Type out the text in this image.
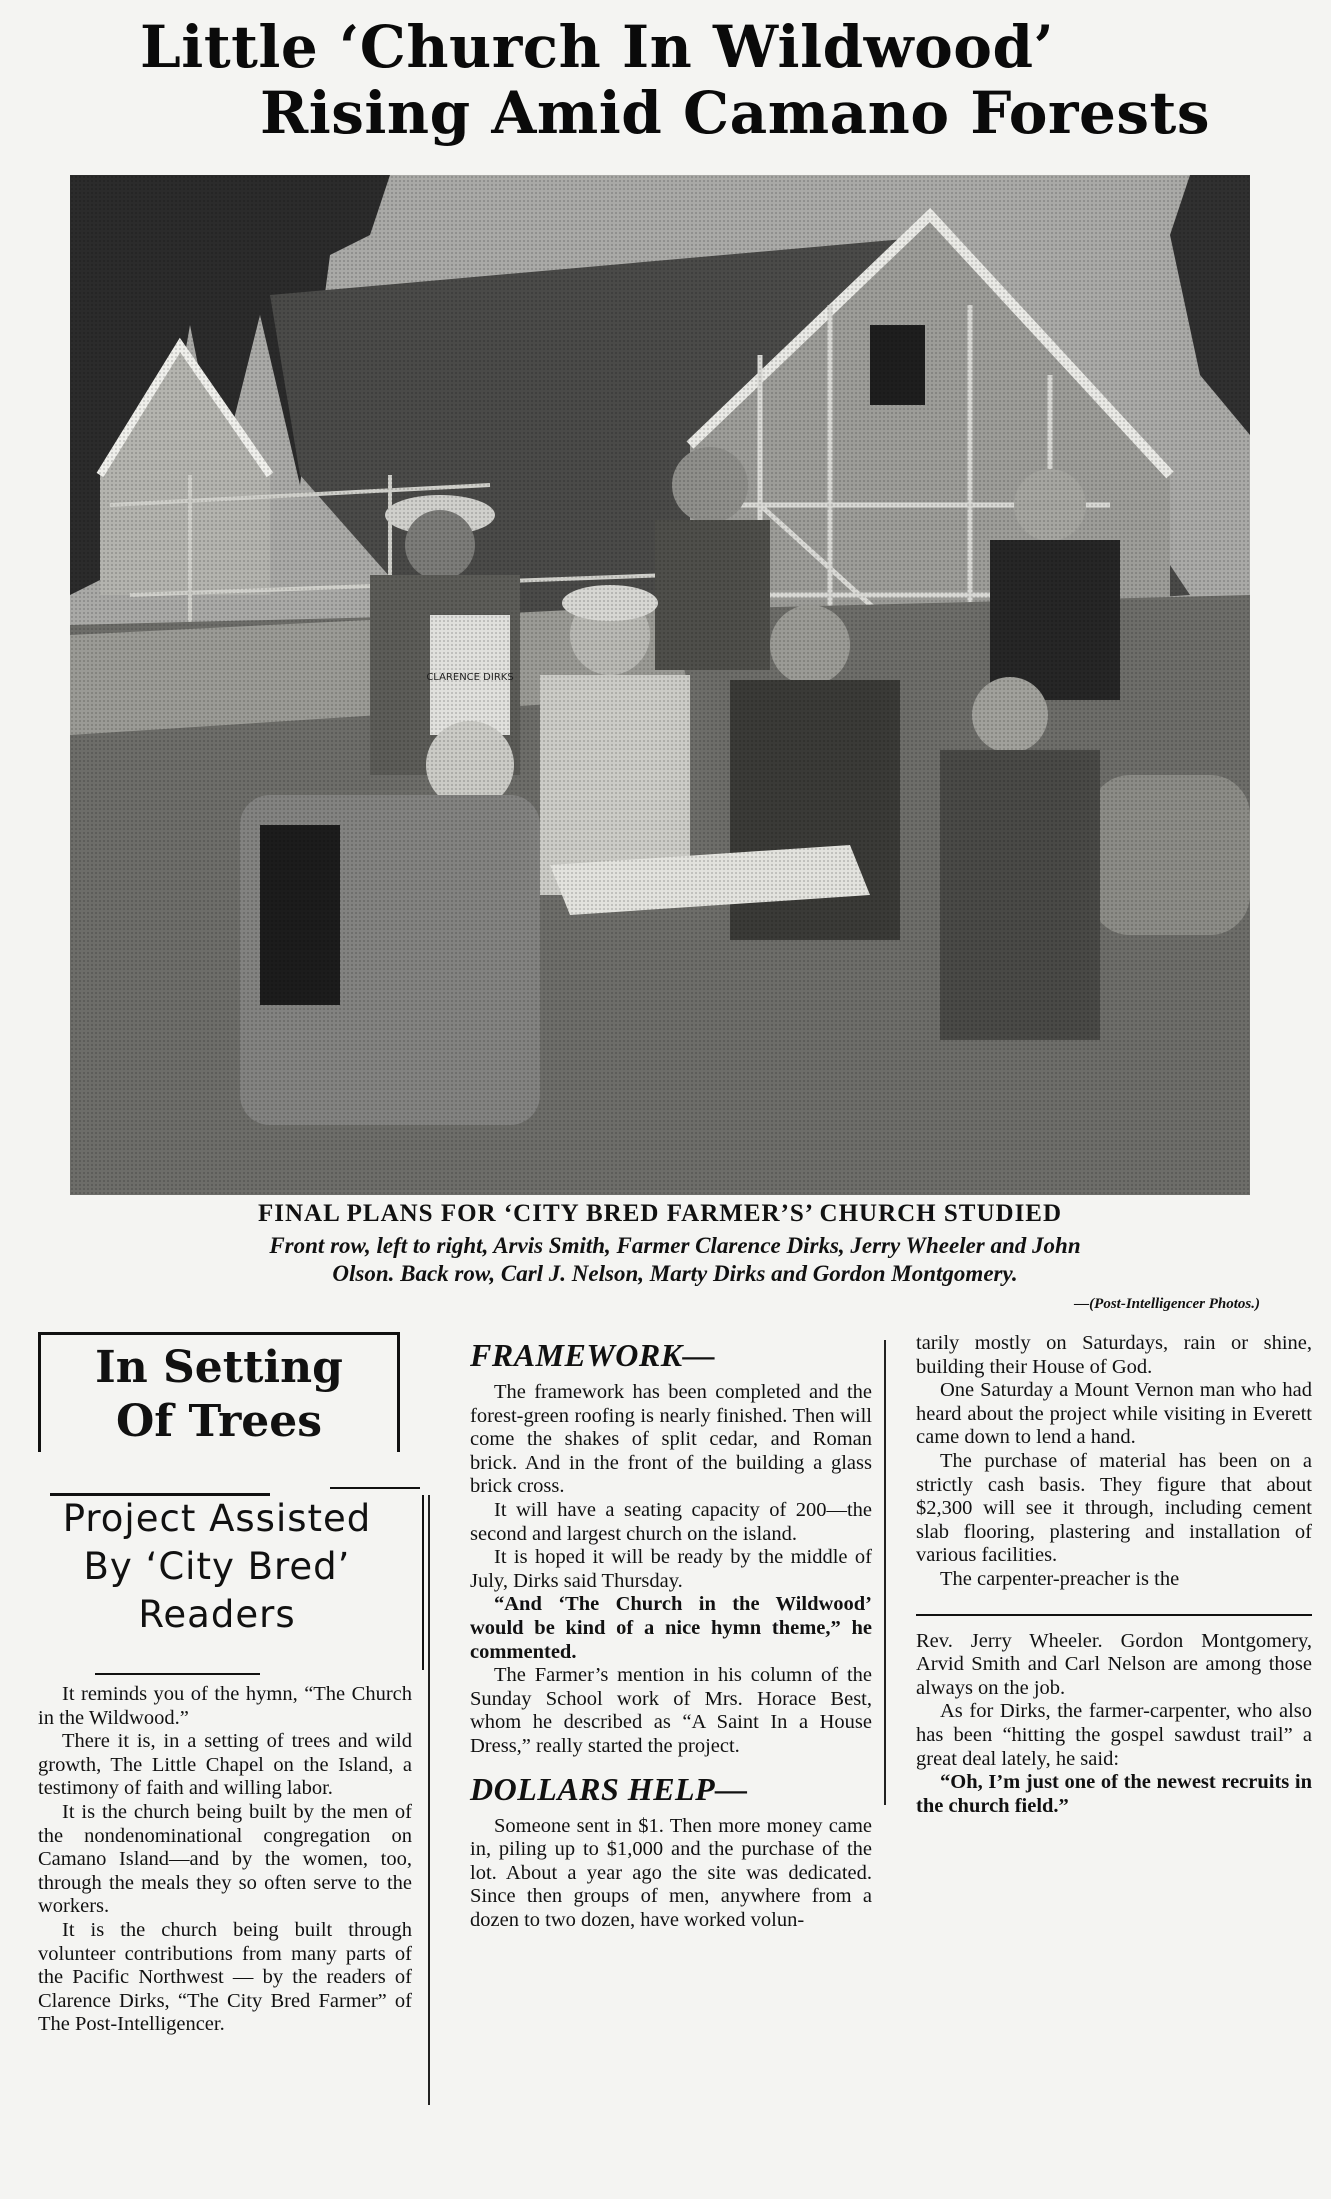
Little ‘Church In Wildwood’
Rising Amid Camano Forests
FINAL PLANS FOR ‘CITY BRED FARMER’S’ CHURCH STUDIED
Front row, left to right, Arvis Smith, Farmer Clarence Dirks, Jerry Wheeler and John
Olson. Back row, Carl J. Nelson, Marty Dirks and Gordon Montgomery.
—(Post-Intelligencer Photos.)
In Setting
Of Trees
Project Assisted
By ‘City Bred’
Readers

It reminds you of the hymn, “The Church in the Wildwood.”

There it is, in a setting of trees and wild growth, The Little Chapel on the Island, a testimony of faith and willing labor.

It is the church being built by the men of the nondenominational congregation on Camano Island—and by the women, too, through the meals they so often serve to the workers.

It is the church being built through volunteer contributions from many parts of the Pacific Northwest — by the readers of Clarence Dirks, “The City Bred Farmer” of The Post-Intelligencer.

FRAMEWORK—

The framework has been completed and the forest-green roofing is nearly finished. Then will come the shakes of split cedar, and Roman brick. And in the front of the building a glass brick cross.

It will have a seating capacity of 200—the second and largest church on the island.

It is hoped it will be ready by the middle of July, Dirks said Thursday.

“And ‘The Church in the Wildwood’ would be kind of a nice hymn theme,” he commented.

The Farmer’s mention in his column of the Sunday School work of Mrs. Horace Best, whom he described as “A Saint In a House Dress,” really started the project.

DOLLARS HELP—

Someone sent in $1. Then more money came in, piling up to $1,000 and the purchase of the lot. About a year ago the site was dedicated. Since then groups of men, anywhere from a dozen to two dozen, have worked volun-

tarily mostly on Saturdays, rain or shine, building their House of God.

One Saturday a Mount Vernon man who had heard about the project while visiting in Everett came down to lend a hand.

The purchase of material has been on a strictly cash basis. They figure that about $2,300 will see it through, including cement slab flooring, plastering and installation of various facilities.

The carpenter-preacher is the

Rev. Jerry Wheeler. Gordon Montgomery, Arvid Smith and Carl Nelson are among those always on the job.

As for Dirks, the farmer-carpenter, who also has been “hitting the gospel sawdust trail” a great deal lately, he said:

“Oh, I’m just one of the newest recruits in the church field.”
